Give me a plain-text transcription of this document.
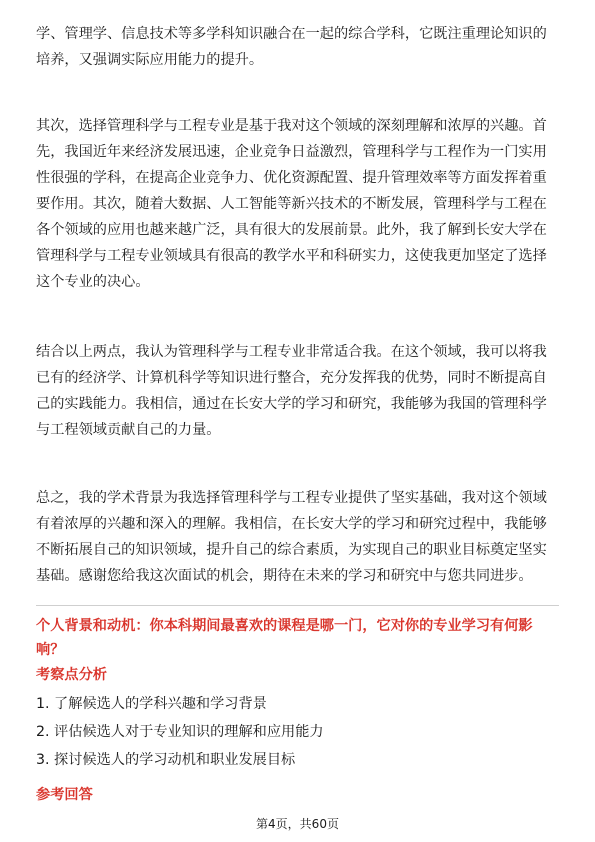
学、管理学、信息技术等多学科知识融合在一起的综合学科，它既注重理论知识的培养，又强调实际应用能力的提升。

其次，选择管理科学与工程专业是基于我对这个领域的深刻理解和浓厚的兴趣。首先，我国近年来经济发展迅速，企业竞争日益激烈，管理科学与工程作为一门实用性很强的学科，在提高企业竞争力、优化资源配置、提升管理效率等方面发挥着重要作用。其次，随着大数据、人工智能等新兴技术的不断发展，管理科学与工程在各个领域的应用也越来越广泛，具有很大的发展前景。此外，我了解到长安大学在管理科学与工程专业领域具有很高的教学水平和科研实力，这使我更加坚定了选择这个专业的决心。

结合以上两点，我认为管理科学与工程专业非常适合我。在这个领域，我可以将我已有的经济学、计算机科学等知识进行整合，充分发挥我的优势，同时不断提高自己的实践能力。我相信，通过在长安大学的学习和研究，我能够为我国的管理科学与工程领域贡献自己的力量。

总之，我的学术背景为我选择管理科学与工程专业提供了坚实基础，我对这个领域有着浓厚的兴趣和深入的理解。我相信，在长安大学的学习和研究过程中，我能够不断拓展自己的知识领域，提升自己的综合素质，为实现自己的职业目标奠定坚实基础。感谢您给我这次面试的机会，期待在未来的学习和研究中与您共同进步。

个人背景和动机：你本科期间最喜欢的课程是哪一门，它对你的专业学习有何影响？

考察点分析

1. 了解候选人的学科兴趣和学习背景
2. 评估候选人对于专业知识的理解和应用能力
3. 探讨候选人的学习动机和职业发展目标

参考回答

第4页，共60页
